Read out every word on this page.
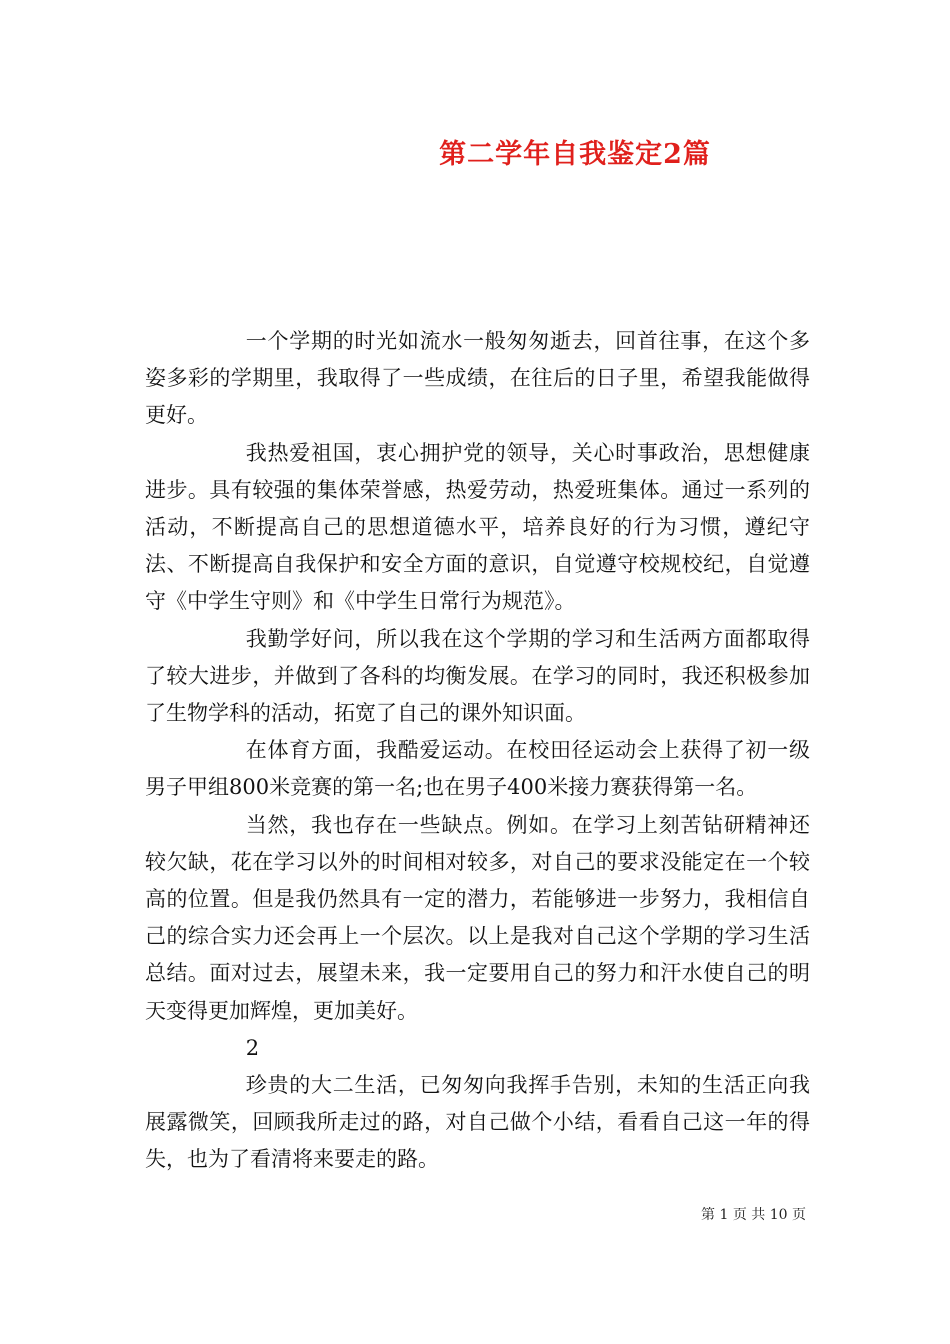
第二学年自我鉴定2篇

一个学期的时光如流水一般匆匆逝去，回首往事，在这个多姿多彩的学期里，我取得了一些成绩，在往后的日子里，希望我能做得更好。

我热爱祖国，衷心拥护党的领导，关心时事政治，思想健康进步。具有较强的集体荣誉感，热爱劳动，热爱班集体。通过一系列的活动，不断提高自己的思想道德水平，培养良好的行为习惯，遵纪守法、不断提高自我保护和安全方面的意识，自觉遵守校规校纪，自觉遵守《中学生守则》和《中学生日常行为规范》。

我勤学好问，所以我在这个学期的学习和生活两方面都取得了较大进步，并做到了各科的均衡发展。在学习的同时，我还积极参加了生物学科的活动，拓宽了自己的课外知识面。

在体育方面，我酷爱运动。在校田径运动会上获得了初一级男子甲组800米竞赛的第一名;也在男子400米接力赛获得第一名。

当然，我也存在一些缺点。例如。在学习上刻苦钻研精神还较欠缺，花在学习以外的时间相对较多，对自己的要求没能定在一个较高的位置。但是我仍然具有一定的潜力，若能够进一步努力，我相信自己的综合实力还会再上一个层次。以上是我对自己这个学期的学习生活总结。面对过去，展望未来，我一定要用自己的努力和汗水使自己的明天变得更加辉煌，更加美好。

2

珍贵的大二生活，已匆匆向我挥手告别，未知的生活正向我展露微笑，回顾我所走过的路，对自己做个小结，看看自己这一年的得失，也为了看清将来要走的路。

第 1 页 共 10 页
